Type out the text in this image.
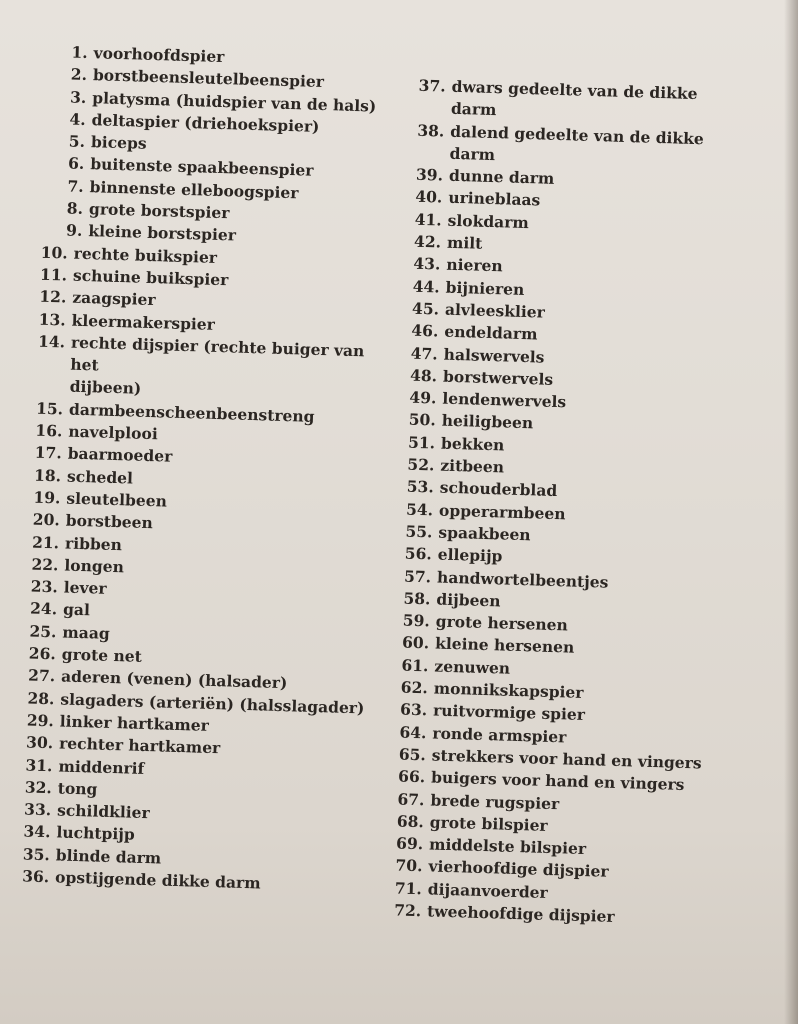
1. voorhoofdspier
2. borstbeensleutelbeenspier
3. platysma (huidspier van de hals)
4. deltaspier (driehoekspier)
5. biceps
6. buitenste spaakbeenspier
7. binnenste elleboogspier
8. grote borstspier
9. kleine borstspier
10. rechte buikspier
11. schuine buikspier
12. zaagspier
13. kleermakerspier
14. rechte dijspier (rechte buiger van het
dijbeen)
15. darmbeenscheenbeenstreng
16. navelplooi
17. baarmoeder
18. schedel
19. sleutelbeen
20. borstbeen
21. ribben
22. longen
23. lever
24. gal
25. maag
26. grote net
27. aderen (venen) (halsader)
28. slagaders (arteriën) (halsslagader)
29. linker hartkamer
30. rechter hartkamer
31. middenrif
32. tong
33. schildklier
34. luchtpijp
35. blinde darm
36. opstijgende dikke darm
37. dwars gedeelte van de dikke darm
38. dalend gedeelte van de dikke darm
39. dunne darm
40. urineblaas
41. slokdarm
42. milt
43. nieren
44. bijnieren
45. alvleesklier
46. endeldarm
47. halswervels
48. borstwervels
49. lendenwervels
50. heiligbeen
51. bekken
52. zitbeen
53. schouderblad
54. opperarmbeen
55. spaakbeen
56. ellepijp
57. handwortelbeentjes
58. dijbeen
59. grote hersenen
60. kleine hersenen
61. zenuwen
62. monnikskapspier
63. ruitvormige spier
64. ronde armspier
65. strekkers voor hand en vingers
66. buigers voor hand en vingers
67. brede rugspier
68. grote bilspier
69. middelste bilspier
70. vierhoofdige dijspier
71. dijaanvoerder
72. tweehoofdige dijspier
